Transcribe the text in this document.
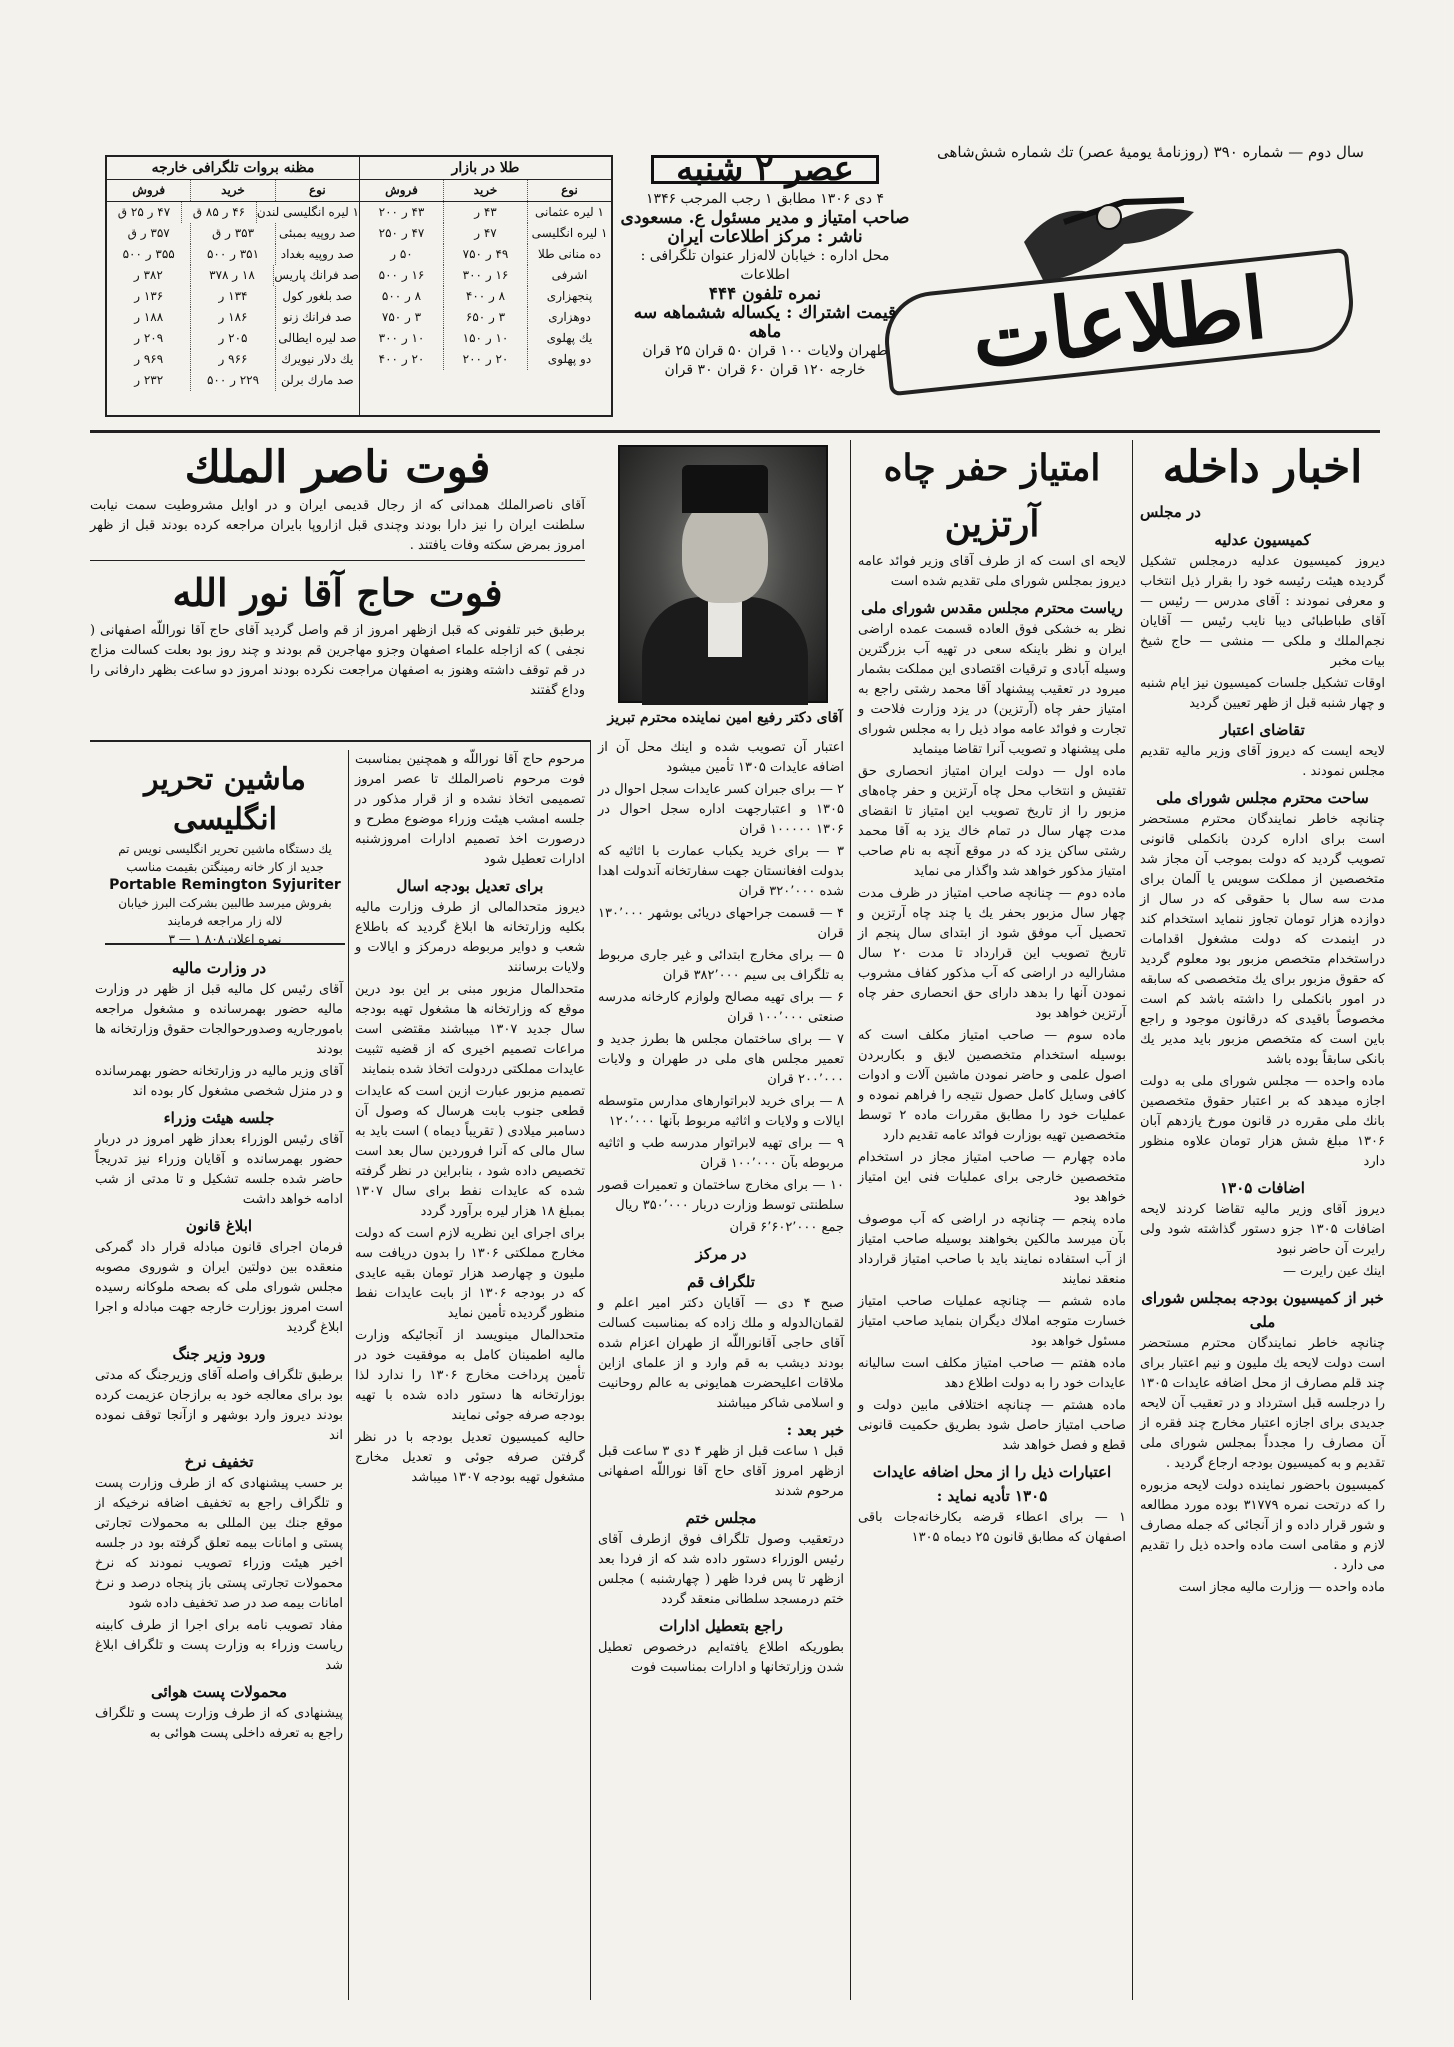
سال دوم — شماره ۳۹۰ (روزنامهٔ یومیهٔ عصر) تك شماره شش‌شاهی
اطلاعات
عصر ۲ شنبه
۴ دی ۱۳۰۶ مطابق ۱ رجب المرجب ۱۳۴۶
صاحب امتیاز و مدیر مسئول ع. مسعودی
ناشر : مرکز اطلاعات ایران
محل اداره : خیابان لاله‌زار عنوان تلگرافی : اطلاعات
نمره تلفون ۴۴۴
قیمت اشتراك : یکساله ششماهه سه ماهه
طهران ولایات ۱۰۰ قران ۵۰ قران ۲۵ قران
خارجه ۱۲۰ قران ۶۰ قران ۳۰ قران
طلا در بازار
نوع
خرید
فروش
۱ لیره عثمانی
۴۳ ر
۴۳ ر ۲۰۰
۱ لیره انگلیسی
۴۷ ر
۴۷ ر ۲۵۰
ده منانی طلا
۴۹ ر ۷۵۰
۵۰ ر
اشرفی
۱۶ ر ۳۰۰
۱۶ ر ۵۰۰
پنجهزاری
۸ ر ۴۰۰
۸ ر ۵۰۰
دوهزاری
۳ ر ۶۵۰
۳ ر ۷۵۰
یك پهلوی
۱۰ ر ۱۵۰
۱۰ ر ۳۰۰
دو پهلوی
۲۰ ر ۲۰۰
۲۰ ر ۴۰۰
مظنه بروات تلگرافی خارجه
نوع
خرید
فروش
۱ لیره انگلیسی لندن
۴۶ ر ۸۵ ق
۴۷ ر ۲۵ ق
صد روپیه بمبئی
۳۵۳ ر ق
۳۵۷ ر ق
صد روپیه بغداد
۳۵۱ ر ۵۰۰
۳۵۵ ر ۵۰۰
صد فرانك پاریس
۱۸ ر ۳۷۸
۳۸۲ ر
صد بلغور کول
۱۳۴ ر
۱۳۶ ر
صد فرانك زنو
۱۸۶ ر
۱۸۸ ر
صد لیره ایطالی
۲۰۵ ر
۲۰۹ ر
یك دلار نیویرك
۹۶۶ ر
۹۶۹ ر
صد مارك برلن
۲۲۹ ر ۵۰۰
۲۳۲ ر
اخبار داخله
در مجلس
کمیسیون عدلیه

دیروز کمیسیون عدلیه درمجلس تشکیل گردیده هیئت رئیسه خود را بقرار ذیل انتخاب و معرفی نمودند : آقای مدرس — رئیس — آقای طباطبائی دیبا نایب رئیس — آقایان نجم‌الملك و ملکی — منشی — حاج شیخ بیات مخبر

اوقات تشکیل جلسات کمیسیون نیز ایام شنبه و چهار شنبه قبل از ظهر تعیین گردید

تقاضای اعتبار

لایحه ایست که دیروز آقای وزیر مالیه تقدیم مجلس نمودند .

ساحت محترم مجلس شورای ملی

چنانچه خاطر نمایندگان محترم مستحضر است برای اداره کردن بانکملی قانونی تصویب گردید که دولت بموجب آن مجاز شد متخصصین از مملکت سویس یا آلمان برای مدت سه سال با حقوقی که در سال از دوازده هزار تومان تجاوز ننماید استخدام کند در اینمدت که دولت مشغول اقدامات دراستخدام متخصص مزبور بود معلوم گردید که حقوق مزبور برای يك متخصصی که سابقه در امور بانکملی را داشته باشد کم است مخصوصاً باقیدی که درقانون موجود و راجع باین است که متخصص مزبور باید مدیر يك بانکی سابقاً بوده باشد

ماده واحده — مجلس شورای ملی به دولت اجازه میدهد که بر اعتبار حقوق متخصصین بانك ملی مقرره در قانون مورخ یازدهم آبان ۱۳۰۶ مبلغ شش هزار تومان علاوه منظور دارد

اضافات ۱۳۰۵

دیروز آقای وزیر مالیه تقاضا کردند لایحه اضافات ۱۳۰۵ جزو دستور گذاشته شود ولی رایرت آن حاضر نبود

اینك عین رایرت —

خبر از کمیسیون بودجه بمجلس شورای ملی

چنانچه خاطر نمایندگان محترم مستحضر است دولت لایحه يك ملیون و نیم اعتبار برای چند قلم مصارف از محل اضافه عایدات ۱۳۰۵ را درجلسه قبل استرداد و در تعقیب آن لایحه جدیدی برای اجازه اعتبار مخارج چند فقره از آن مصارف را مجدداً بمجلس شورای ملی تقدیم و به کمیسیون بودجه ارجاع گردید .

کمیسیون باحضور نماینده دولت لایحه مزبوره را که درتحت نمره ۳۱۷۷۹ بوده مورد مطالعه و شور قرار داده و از آنجائی که جمله مصارف لازم و مقامی است ماده واحده ذیل را تقدیم می دارد .

ماده واحده — وزارت مالیه مجاز است

امتیاز حفر چاه آرتزین

لایحه ای است که از طرف آقای وزیر فوائد عامه دیروز بمجلس شورای ملی تقدیم شده است

ریاست محترم مجلس مقدس شورای ملی

نظر به خشکی فوق العاده قسمت عمده اراضی ایران و نظر باینکه سعی در تهیه آب بزرگترین وسیله آبادی و ترقیات اقتصادی این مملکت بشمار میرود در تعقیب پیشنهاد آقا محمد رشتی راجع به امتیاز حفر چاه (آرتزین) در یزد وزارت فلاحت و تجارت و فوائد عامه مواد ذیل را به مجلس شورای ملی پیشنهاد و تصویب آنرا تقاضا مینماید

ماده اول — دولت ایران امتیاز انحصاری حق تفتیش و انتخاب محل چاه آرتزین و حفر چاه‌های مزبور را از تاریخ تصویب این امتیاز تا انقضای مدت چهار سال در تمام خاك یزد به آقا محمد رشتی ساکن یزد که در موقع آنچه به نام صاحب امتیاز مذکور خواهد شد واگذار می نماید

ماده دوم — چنانچه صاحب امتیاز در ظرف مدت چهار سال مزبور بحفر يك یا چند چاه آرتزین و تحصیل آب موفق شود از ابتدای سال پنجم از تاریخ تصویب این قرارداد تا مدت ۲۰ سال مشارالیه در اراضی که آب مذکور کفاف مشروب نمودن آنها را بدهد دارای حق انحصاری حفر چاه آرتزین خواهد بود

ماده سوم — صاحب امتیاز مکلف است که بوسیله استخدام متخصصین لایق و بکاربردن اصول علمی و حاضر نمودن ماشین آلات و ادوات کافی وسایل کامل حصول نتیجه را فراهم نموده و عملیات خود را مطابق مقررات ماده ۲ توسط متخصصین تهیه بوزارت فوائد عامه تقدیم دارد

ماده چهارم — صاحب امتیاز مجاز در استخدام متخصصین خارجی برای عملیات فنی این امتیاز خواهد بود

ماده پنجم — چنانچه در اراضی که آب موصوف بآن میرسد مالکین بخواهند بوسیله صاحب امتیاز از آب استفاده نمایند باید با صاحب امتیاز قرارداد منعقد نمایند

ماده ششم — چنانچه عملیات صاحب امتیاز خسارت متوجه املاك دیگران بنماید صاحب امتیاز مسئول خواهد بود

ماده هفتم — صاحب امتیاز مکلف است سالیانه عایدات خود را به دولت اطلاع دهد

ماده هشتم — چنانچه اختلافی مابین دولت و صاحب امتیاز حاصل شود بطریق حکمیت قانونی قطع و فصل خواهد شد

اعتبارات ذیل را از محل اضافه عایدات ۱۳۰۵ تأدیه نماید :

۱ — برای اعطاء قرضه بکارخانه‌جات باقی اصفهان که مطابق قانون ۲۵ دیماه ۱۳۰۵

آقای دکتر رفیع امین نماینده محترم تبریز

اعتبار آن تصویب شده و اینك محل آن از اضافه عایدات ۱۳۰۵ تأمین میشود

۲ — برای جبران کسر عایدات سجل احوال در ۱۳۰۵ و اعتبارجهت اداره سجل احوال در ۱۳۰۶ ۱۰۰۰۰۰ قران

۳ — برای خرید یکباب عمارت با اثاثیه که بدولت افغانستان جهت سفارتخانه آندولت اهدا شده ۳۲۰٬۰۰۰ قران

۴ — قسمت جراحهای دریائی بوشهر ۱۳۰٬۰۰۰ قران

۵ — برای مخارج ابتدائی و غیر جاری مربوط به تلگراف بی سیم ۳۸۲٬۰۰۰ قران

۶ — برای تهیه مصالح ولوازم کارخانه مدرسه صنعتی ۱۰۰٬۰۰۰ قران

۷ — برای ساختمان مجلس ها بطرز جدید و تعمیر مجلس های ملی در طهران و ولایات ۲۰۰٬۰۰۰ قران

۸ — برای خرید لابراتوارهای مدارس متوسطه ایالات و ولایات و اثاثیه مربوط بآنها ۱۲۰٬۰۰۰

۹ — برای تهیه لابراتوار مدرسه طب و اثاثیه مربوطه بآن ۱۰۰٬۰۰۰ قران

۱۰ — برای مخارج ساختمان و تعمیرات قصور سلطنتی توسط وزارت دربار ۳۵۰٬۰۰۰ ریال

جمع ۶٬۶۰۲٬۰۰۰ قران

در مرکز
تلگراف قم

صبح ۴ دی — آقایان دکتر امیر اعلم و لقمان‌الدوله و ملك زاده که بمناسبت کسالت آقای حاجی آقانوراللّه از طهران اعزام شده بودند دیشب به قم وارد و از علمای ازاین ملاقات اعلیحضرت همایونی به عالم روحانیت و اسلامی شاکر میباشند

خبر بعد :

قبل ۱ ساعت قبل از ظهر ۴ دی ۳ ساعت قبل ازظهر امروز آقای حاج آقا نوراللّه اصفهانی مرحوم شدند

مجلس ختم

درتعقیب وصول تلگراف فوق ازطرف آقای رئیس الوزراء دستور داده شد که از فردا بعد ازظهر تا پس فردا ظهر ( چهارشنبه ) مجلس ختم درمسجد سلطانی منعقد گردد

راجع بتعطیل ادارات

بطوریکه اطلاع یافته‌ایم درخصوص تعطیل شدن وزارتخانها و ادارات بمناسبت فوت

فوت ناصر الملك

آقای ناصرالملك همدانی که از رجال قدیمی ایران و در اوایل مشروطیت سمت نیابت سلطنت ایران را نیز دارا بودند وچندی قبل ازاروپا بایران مراجعه کرده بودند قبل از ظهر امروز بمرض سکته وفات یافتند .

فوت حاج آقا نور الله

برطبق خبر تلفونی که قبل ازظهر امروز از قم واصل گردید آقای حاج آقا نوراللّه اصفهانی ( نجفی ) که ازاجله علماء اصفهان وجزو مهاجرین قم بودند و چند روز بود بعلت کسالت مزاج در قم توقف داشته وهنوز به اصفهان مراجعت نکرده بودند امروز دو ساعت بظهر دارفانی را وداع گفتند

مرحوم حاج آقا نوراللّه و همچنین بمناسبت فوت مرحوم ناصرالملك تا عصر امروز تصمیمی اتخاذ نشده و از قرار مذکور در جلسه امشب هیئت وزراء موضوع مطرح و درصورت اخذ تصمیم ادارات امروزشنبه ادارات تعطیل شود

برای تعدیل بودجه اسال

دیروز متحدالمالی از طرف وزارت مالیه بکلیه وزارتخانه ها ابلاغ گردید که باطلاع شعب و دوایر مربوطه درمرکز و ایالات و ولایات برسانند

متحدالمال مزبور مبنی بر این بود درین موقع که وزارتخانه ها مشغول تهیه بودجه سال جدید ۱۳۰۷ میباشند مقتضی است مراعات تصمیم اخیری که از قضیه تثبیت عایدات مملکتی دردولت اتخاذ شده بنمایند

تصمیم مزبور عبارت ازین است که عایدات قطعی جنوب بابت هرسال که وصول آن دسامبر میلادی ( تقریباً دیماه ) است باید به سال مالی که آنرا فروردین سال بعد است تخصیص داده شود ، بنابراین در نظر گرفته شده که عایدات نفط برای سال ۱۳۰۷ بمبلغ ۱۸ هزار لیره برآورد گردد

برای اجرای این نظریه لازم است که دولت مخارج مملکتی ۱۳۰۶ را بدون دریافت سه ملیون و چهارصد هزار تومان بقیه عایدی که در بودجه ۱۳۰۶ از بابت عایدات نفط منظور گردیده تأمین نماید

متحدالمال مینویسد از آنجائیکه وزارت مالیه اطمینان کامل به موفقیت خود در تأمین پرداخت مخارج ۱۳۰۶ را ندارد لذا بوزارتخانه ها دستور داده شده با تهیه بودجه صرفه جوئی نمایند

حالیه کمیسیون تعدیل بودجه با در نظر گرفتن صرفه جوئی و تعدیل مخارج مشغول تهیه بودجه ۱۳۰۷ میباشد

ماشین تحریر انگلیسی
يك دستگاه ماشین تحریر انگلیسی نویس تم
جدید از کار خانه رمینگتن بقیمت مناسب
Portable Remington Syjuriter
بفروش میرسد طالبین بشرکت البرز خیابان
لاله زار مراجعه فرمایند
نمره اعلان ۸۰۸ ۱ — ۳
در وزارت مالیه

آقای رئیس کل مالیه قبل از ظهر در وزارت مالیه حضور بهمرسانده و مشغول مراجعه بامورجاریه وصدورحوالجات حقوق وزارتخانه ها بودند

آقای وزیر مالیه در وزارتخانه حضور بهمرسانده و در منزل شخصی مشغول کار بوده اند

جلسه هیئت وزراء

آقای رئیس الوزراء بعداز ظهر امروز در دربار حضور بهمرسانده و آقایان وزراء نیز تدریجاً حاضر شده جلسه تشکیل و تا مدتی از شب ادامه خواهد داشت

ابلاغ قانون

فرمان اجرای قانون مبادله قرار داد گمرکی منعقده بین دولتین ایران و شوروی مصوبه مجلس شورای ملی که بصحه ملوکانه رسیده است امروز بوزارت خارجه جهت مبادله و اجرا ابلاغ گردید

ورود وزیر جنگ

برطبق تلگراف واصله آقای وزیرجنگ که مدتی بود برای معالجه خود به برازجان عزیمت کرده بودند دیروز وارد بوشهر و ازآنجا توقف نموده اند

تخفیف نرخ

بر حسب پیشنهادی که از طرف وزارت پست و تلگراف راجع به تخفیف اضافه نرخیکه از موقع جنك بین المللی به محمولات تجارتی پستی و امانات بیمه تعلق گرفته بود در جلسه اخیر هیئت وزراء تصویب نمودند که نرخ محمولات تجارتی پستی باز پنجاه درصد و نرخ امانات بیمه صد در صد تخفیف داده شود

مفاد تصویب نامه برای اجرا از طرف کابینه ریاست وزراء به وزارت پست و تلگراف ابلاغ شد

محمولات پست هوائی

پیشنهادی که از طرف وزارت پست و تلگراف راجع به تعرفه داخلی پست هوائی به
